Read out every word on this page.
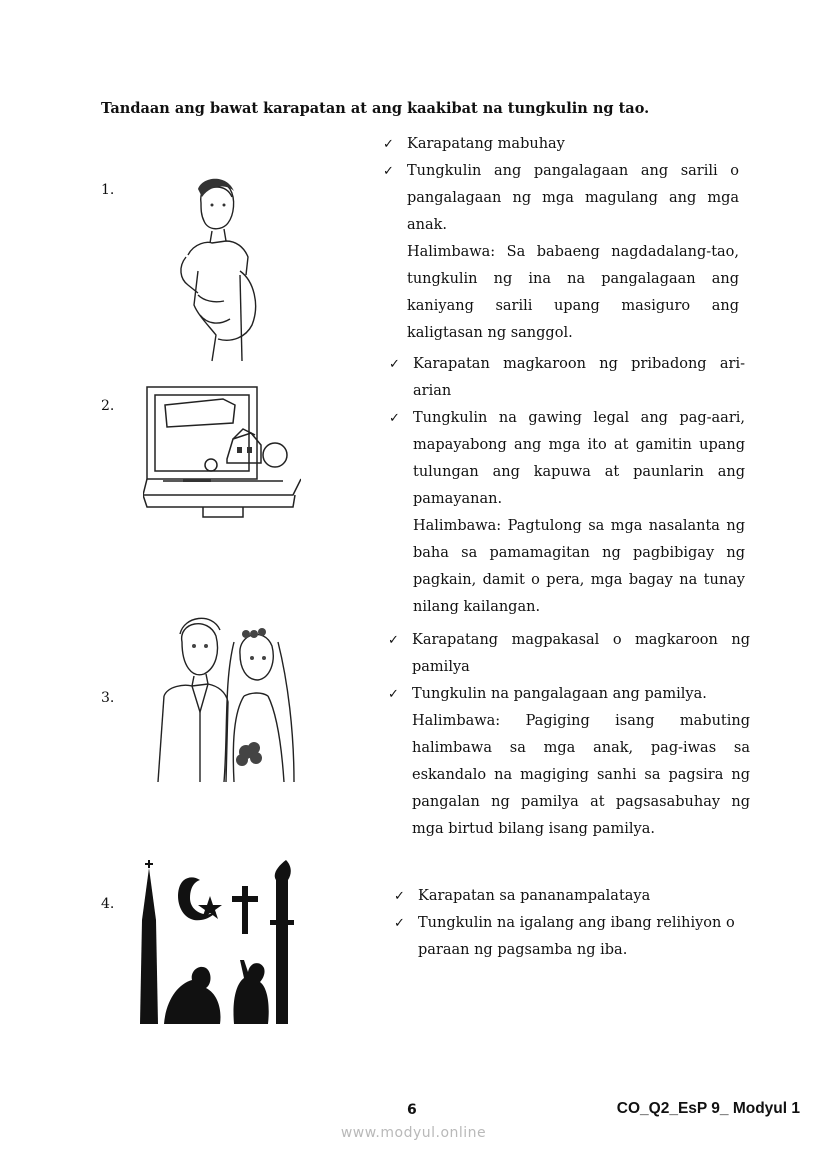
Tandaan ang bawat karapatan at ang kaakibat na tungkulin ng tao.
1.
✓ Karapatang mabuhay
✓ Tungkulin ang pangalagaan ang sarili o pangalagaan ng mga magulang ang mga anak.
Halimbawa: Sa babaeng nagdadalang-tao, tungkulin ng ina na pangalagaan ang kaniyang sarili upang masiguro ang kaligtasan ng sanggol.
2.
✓ Karapatan magkaroon ng pribadong ari-arian
✓ Tungkulin na gawing legal ang pag-aari, mapayabong ang mga ito at gamitin upang tulungan ang kapuwa at paunlarin ang pamayanan.
Halimbawa: Pagtulong sa mga nasalanta ng baha sa pamamagitan ng pagbibigay ng pagkain, damit o pera, mga bagay na tunay nilang kailangan.
3.
✓ Karapatang magpakasal o magkaroon ng pamilya
✓ Tungkulin na pangalagaan ang pamilya.
Halimbawa: Pagiging isang mabuting halimbawa sa mga anak, pag-iwas sa eskandalo na magiging sanhi sa pagsira ng pangalan ng pamilya at pagsasabuhay ng mga birtud bilang isang pamilya.
4.	✓ Karapatan sa pananampalataya
✓ Tungkulin na igalang ang ibang relihiyon o paraan ng pagsamba ng iba.
6	CO_Q2_EsP 9_ Modyul 1
www.modyul.online
